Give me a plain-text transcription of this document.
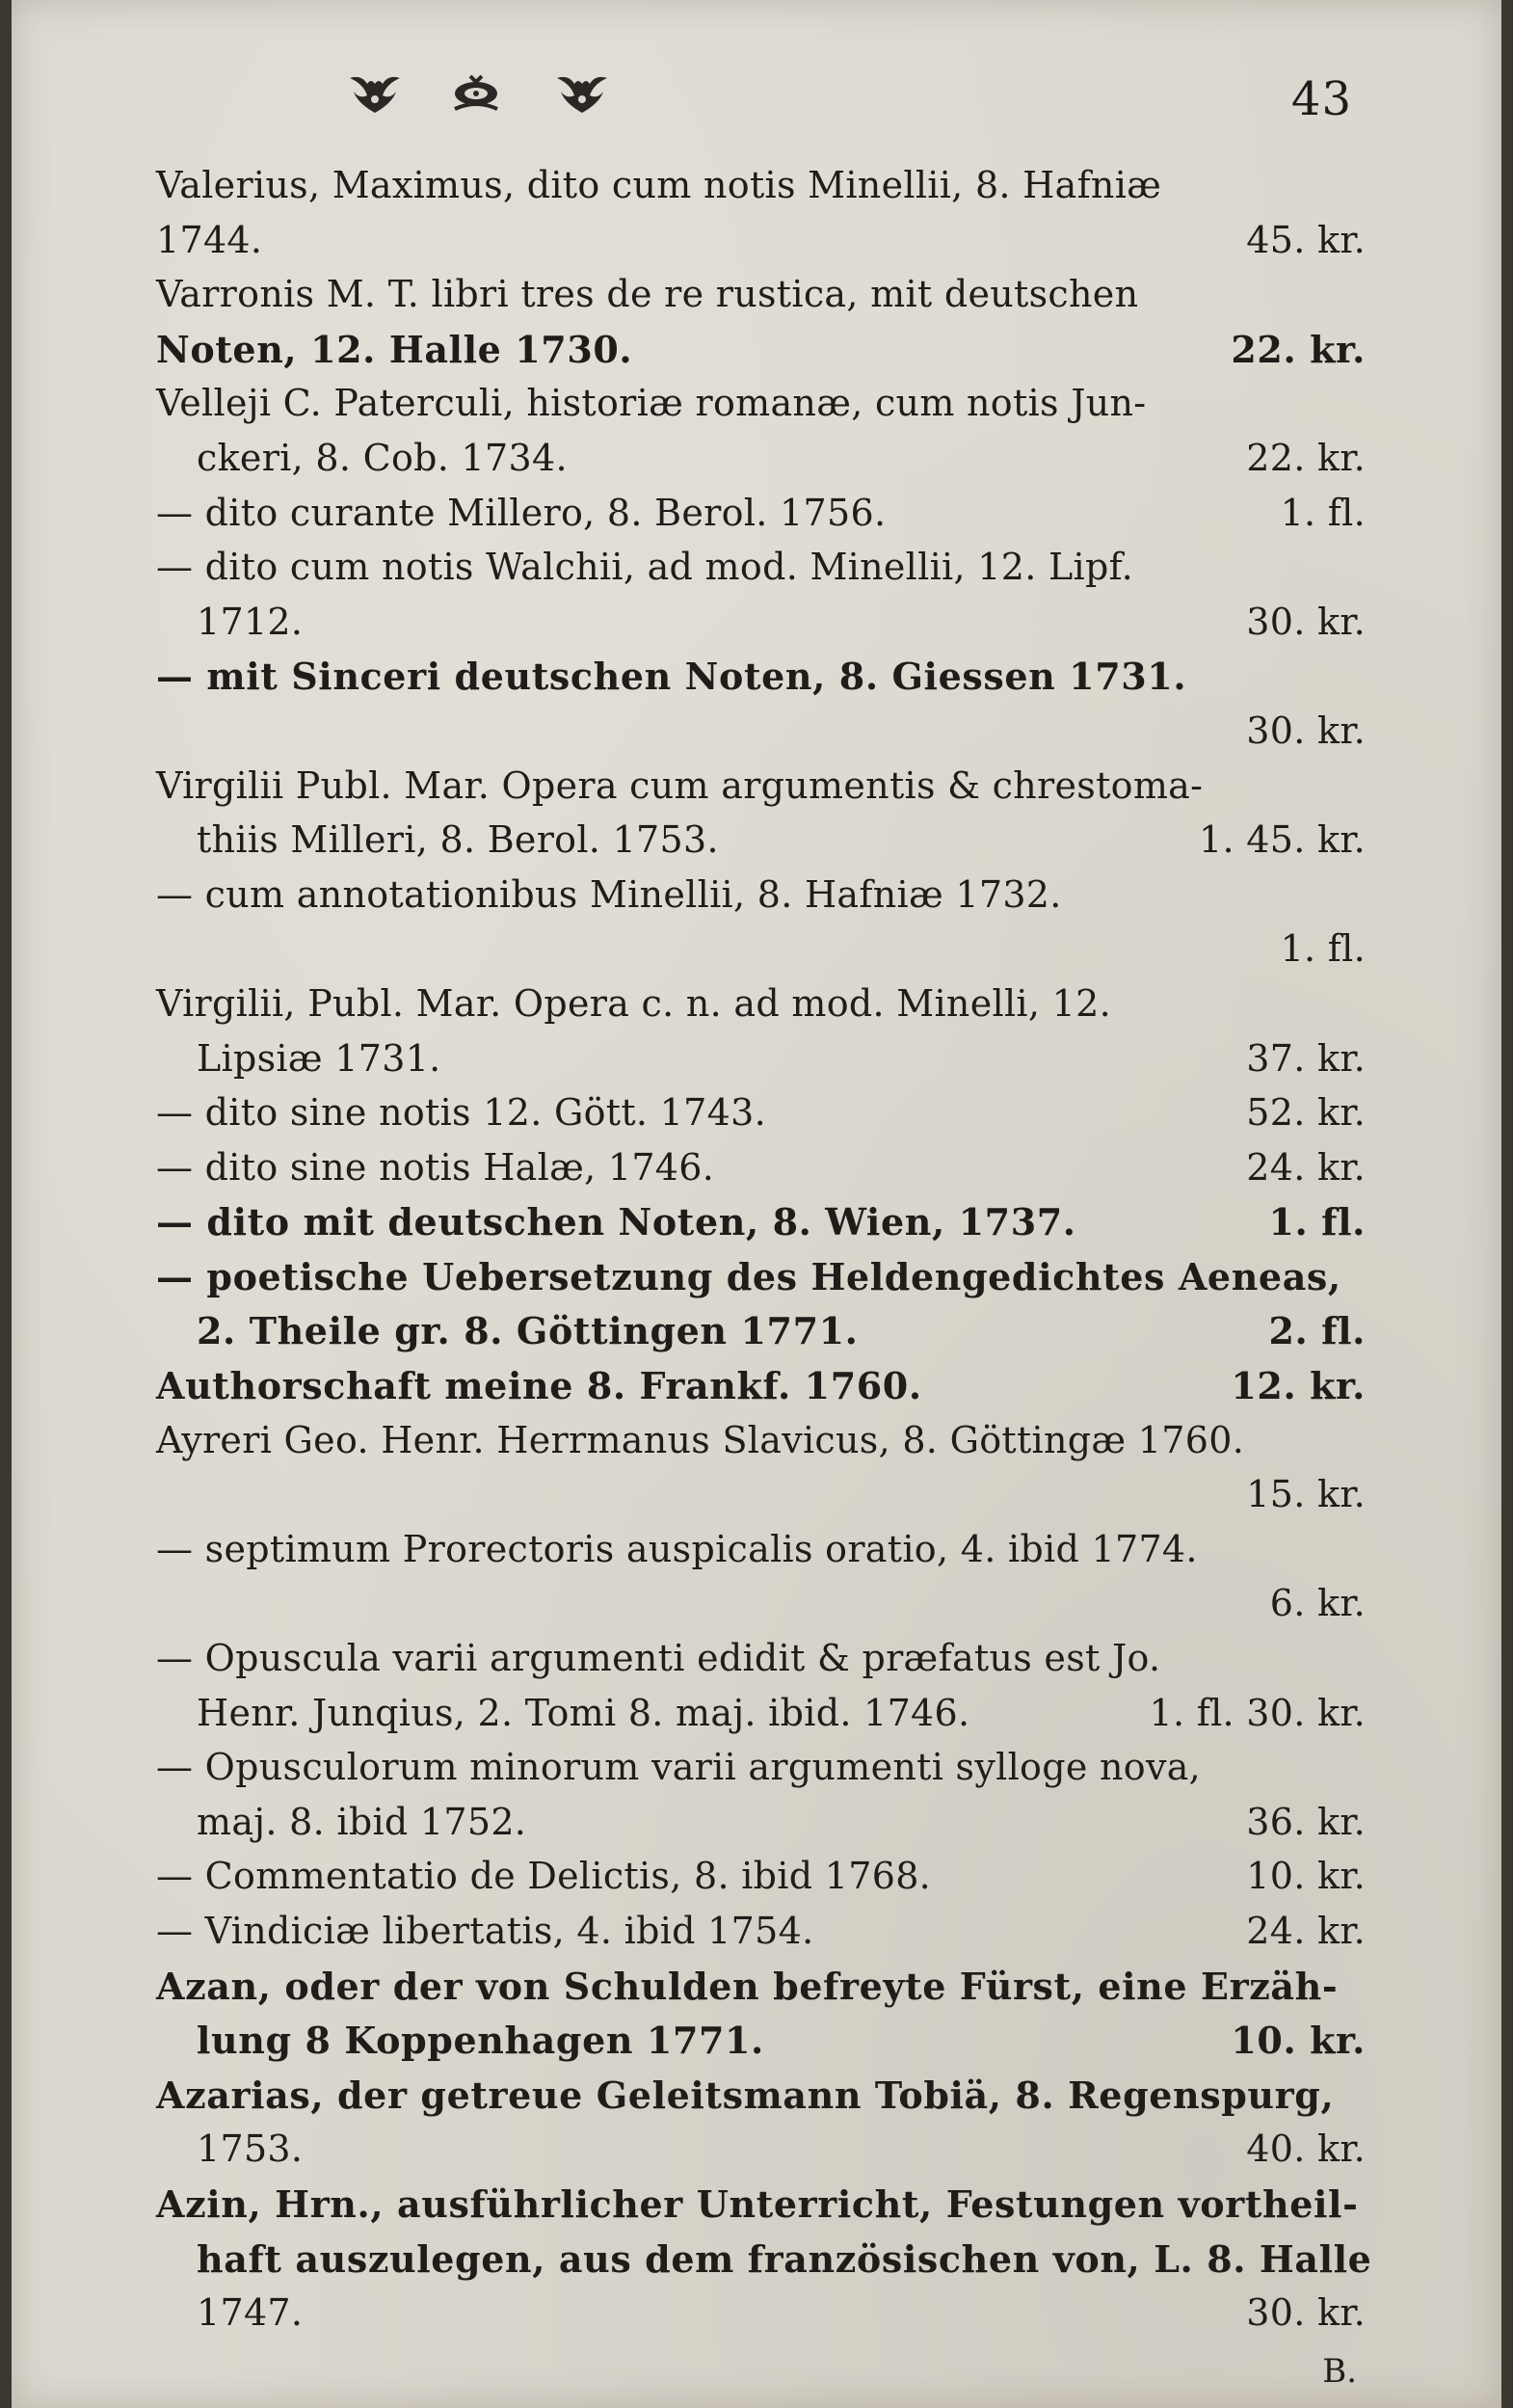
43
Valerius, Maximus, dito cum notis Minellii, 8. Hafniæ
1744.	45. kr.
Varronis M. T. libri tres de re rustica, mit deutschen
Noten, 12. Halle 1730.	22. kr.
Velleji C. Paterculi, historiæ romanæ, cum notis Jun-
ckeri, 8. Cob. 1734.	22. kr.
— dito curante Millero, 8. Berol. 1756.	1. fl.
— dito cum notis Walchii, ad mod. Minellii, 12. Lipf.
1712.	30. kr.
— mit Sinceri deutschen Noten, 8. Giessen 1731.
30. kr.
Virgilii Publ. Mar. Opera cum argumentis & chrestoma-
thiis Milleri, 8. Berol. 1753.	1. 45. kr.
— cum annotationibus Minellii, 8. Hafniæ 1732.
1. fl.
Virgilii, Publ. Mar. Opera c. n. ad mod. Minelli, 12.
Lipsiæ 1731.	37. kr.
— dito sine notis 12. Gött. 1743.	52. kr.
— dito sine notis Halæ, 1746.	24. kr.
— dito mit deutschen Noten, 8. Wien, 1737.	1. fl.
— poetische Uebersetzung des Heldengedichtes Aeneas,
2. Theile gr. 8. Göttingen 1771.	2. fl.
Authorschaft meine 8. Frankf. 1760.	12. kr.
Ayreri Geo. Henr. Herrmanus Slavicus, 8. Göttingæ 1760.
15. kr.
— septimum Prorectoris auspicalis oratio, 4. ibid 1774.
6. kr.
— Opuscula varii argumenti edidit & præfatus est Jo.
Henr. Junqius, 2. Tomi 8. maj. ibid. 1746.	1. fl. 30. kr.
— Opusculorum minorum varii argumenti sylloge nova,
maj. 8. ibid 1752.	36. kr.
— Commentatio de Delictis, 8. ibid 1768.	10. kr.
— Vindiciæ libertatis, 4. ibid 1754.	24. kr.
Azan, oder der von Schulden befreyte Fürst, eine Erzäh-
lung 8 Koppenhagen 1771.	10. kr.
Azarias, der getreue Geleitsmann Tobiä, 8. Regenspurg,
1753.	40. kr.
Azin, Hrn., ausführlicher Unterricht, Festungen vortheil-
haft auszulegen, aus dem französischen von, L. 8. Halle
1747.	30. kr.
B.
